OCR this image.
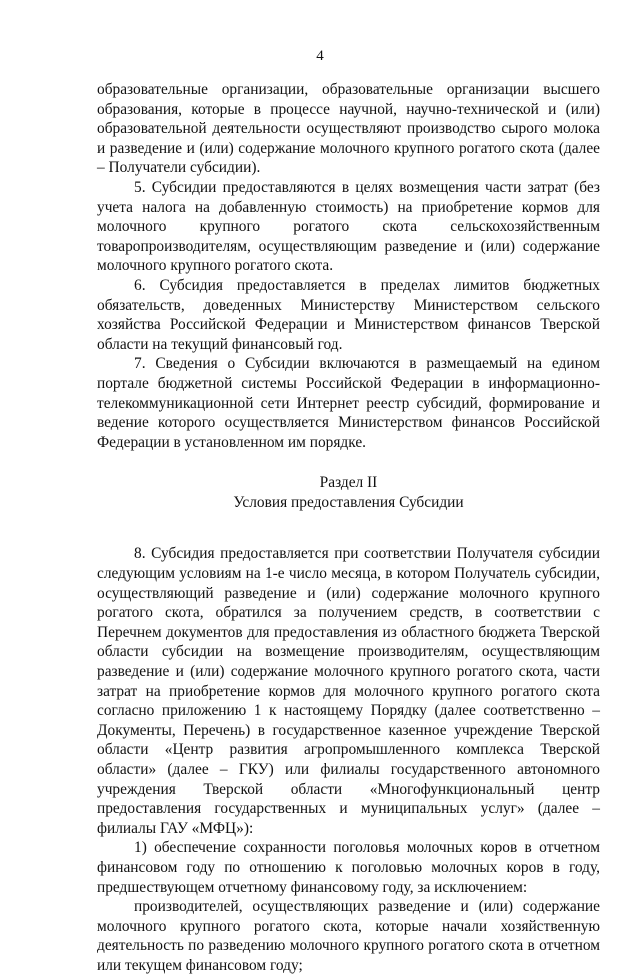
4

образовательные организации, образовательные организации высшего образования, которые в процессе научной, научно-технической и (или) образовательной деятельности осуществляют производство сырого молока и разведение и (или) содержание молочного крупного рогатого скота (далее – Получатели субсидии).

5. Субсидии предоставляются в целях возмещения части затрат (без учета налога на добавленную стоимость) на приобретение кормов для молочного крупного рогатого скота сельскохозяйственным товаропроизводителям, осуществляющим разведение и (или) содержание молочного крупного рогатого скота.

6. Субсидия предоставляется в пределах лимитов бюджетных обязательств, доведенных Министерству Министерством сельского хозяйства Российской Федерации и Министерством финансов Тверской области на текущий финансовый год.

7. Сведения о Субсидии включаются в размещаемый на едином портале бюджетной системы Российской Федерации в информационно-телекоммуникационной сети Интернет реестр субсидий, формирование и ведение которого осуществляется Министерством финансов Российской Федерации в установленном им порядке.

Раздел II

Условия предоставления Субсидии

8. Субсидия предоставляется при соответствии Получателя субсидии следующим условиям на 1-е число месяца, в котором Получатель субсидии, осуществляющий разведение и (или) содержание молочного крупного рогатого скота, обратился за получением средств, в соответствии с Перечнем документов для предоставления из областного бюджета Тверской области субсидии на возмещение производителям, осуществляющим разведение и (или) содержание молочного крупного рогатого скота, части затрат на приобретение кормов для молочного крупного рогатого скота согласно приложению 1 к настоящему Порядку (далее соответственно – Документы, Перечень) в государственное казенное учреждение Тверской области «Центр развития агропромышленного комплекса Тверской области» (далее – ГКУ) или филиалы государственного автономного учреждения Тверской области «Многофункциональный центр предоставления государственных и муниципальных услуг» (далее – филиалы ГАУ «МФЦ»):

1) обеспечение сохранности поголовья молочных коров в отчетном финансовом году по отношению к поголовью молочных коров в году, предшествующем отчетному финансовому году, за исключением:

производителей, осуществляющих разведение и (или) содержание молочного крупного рогатого скота, которые начали хозяйственную деятельность по разведению молочного крупного рогатого скота в отчетном или текущем финансовом году;
